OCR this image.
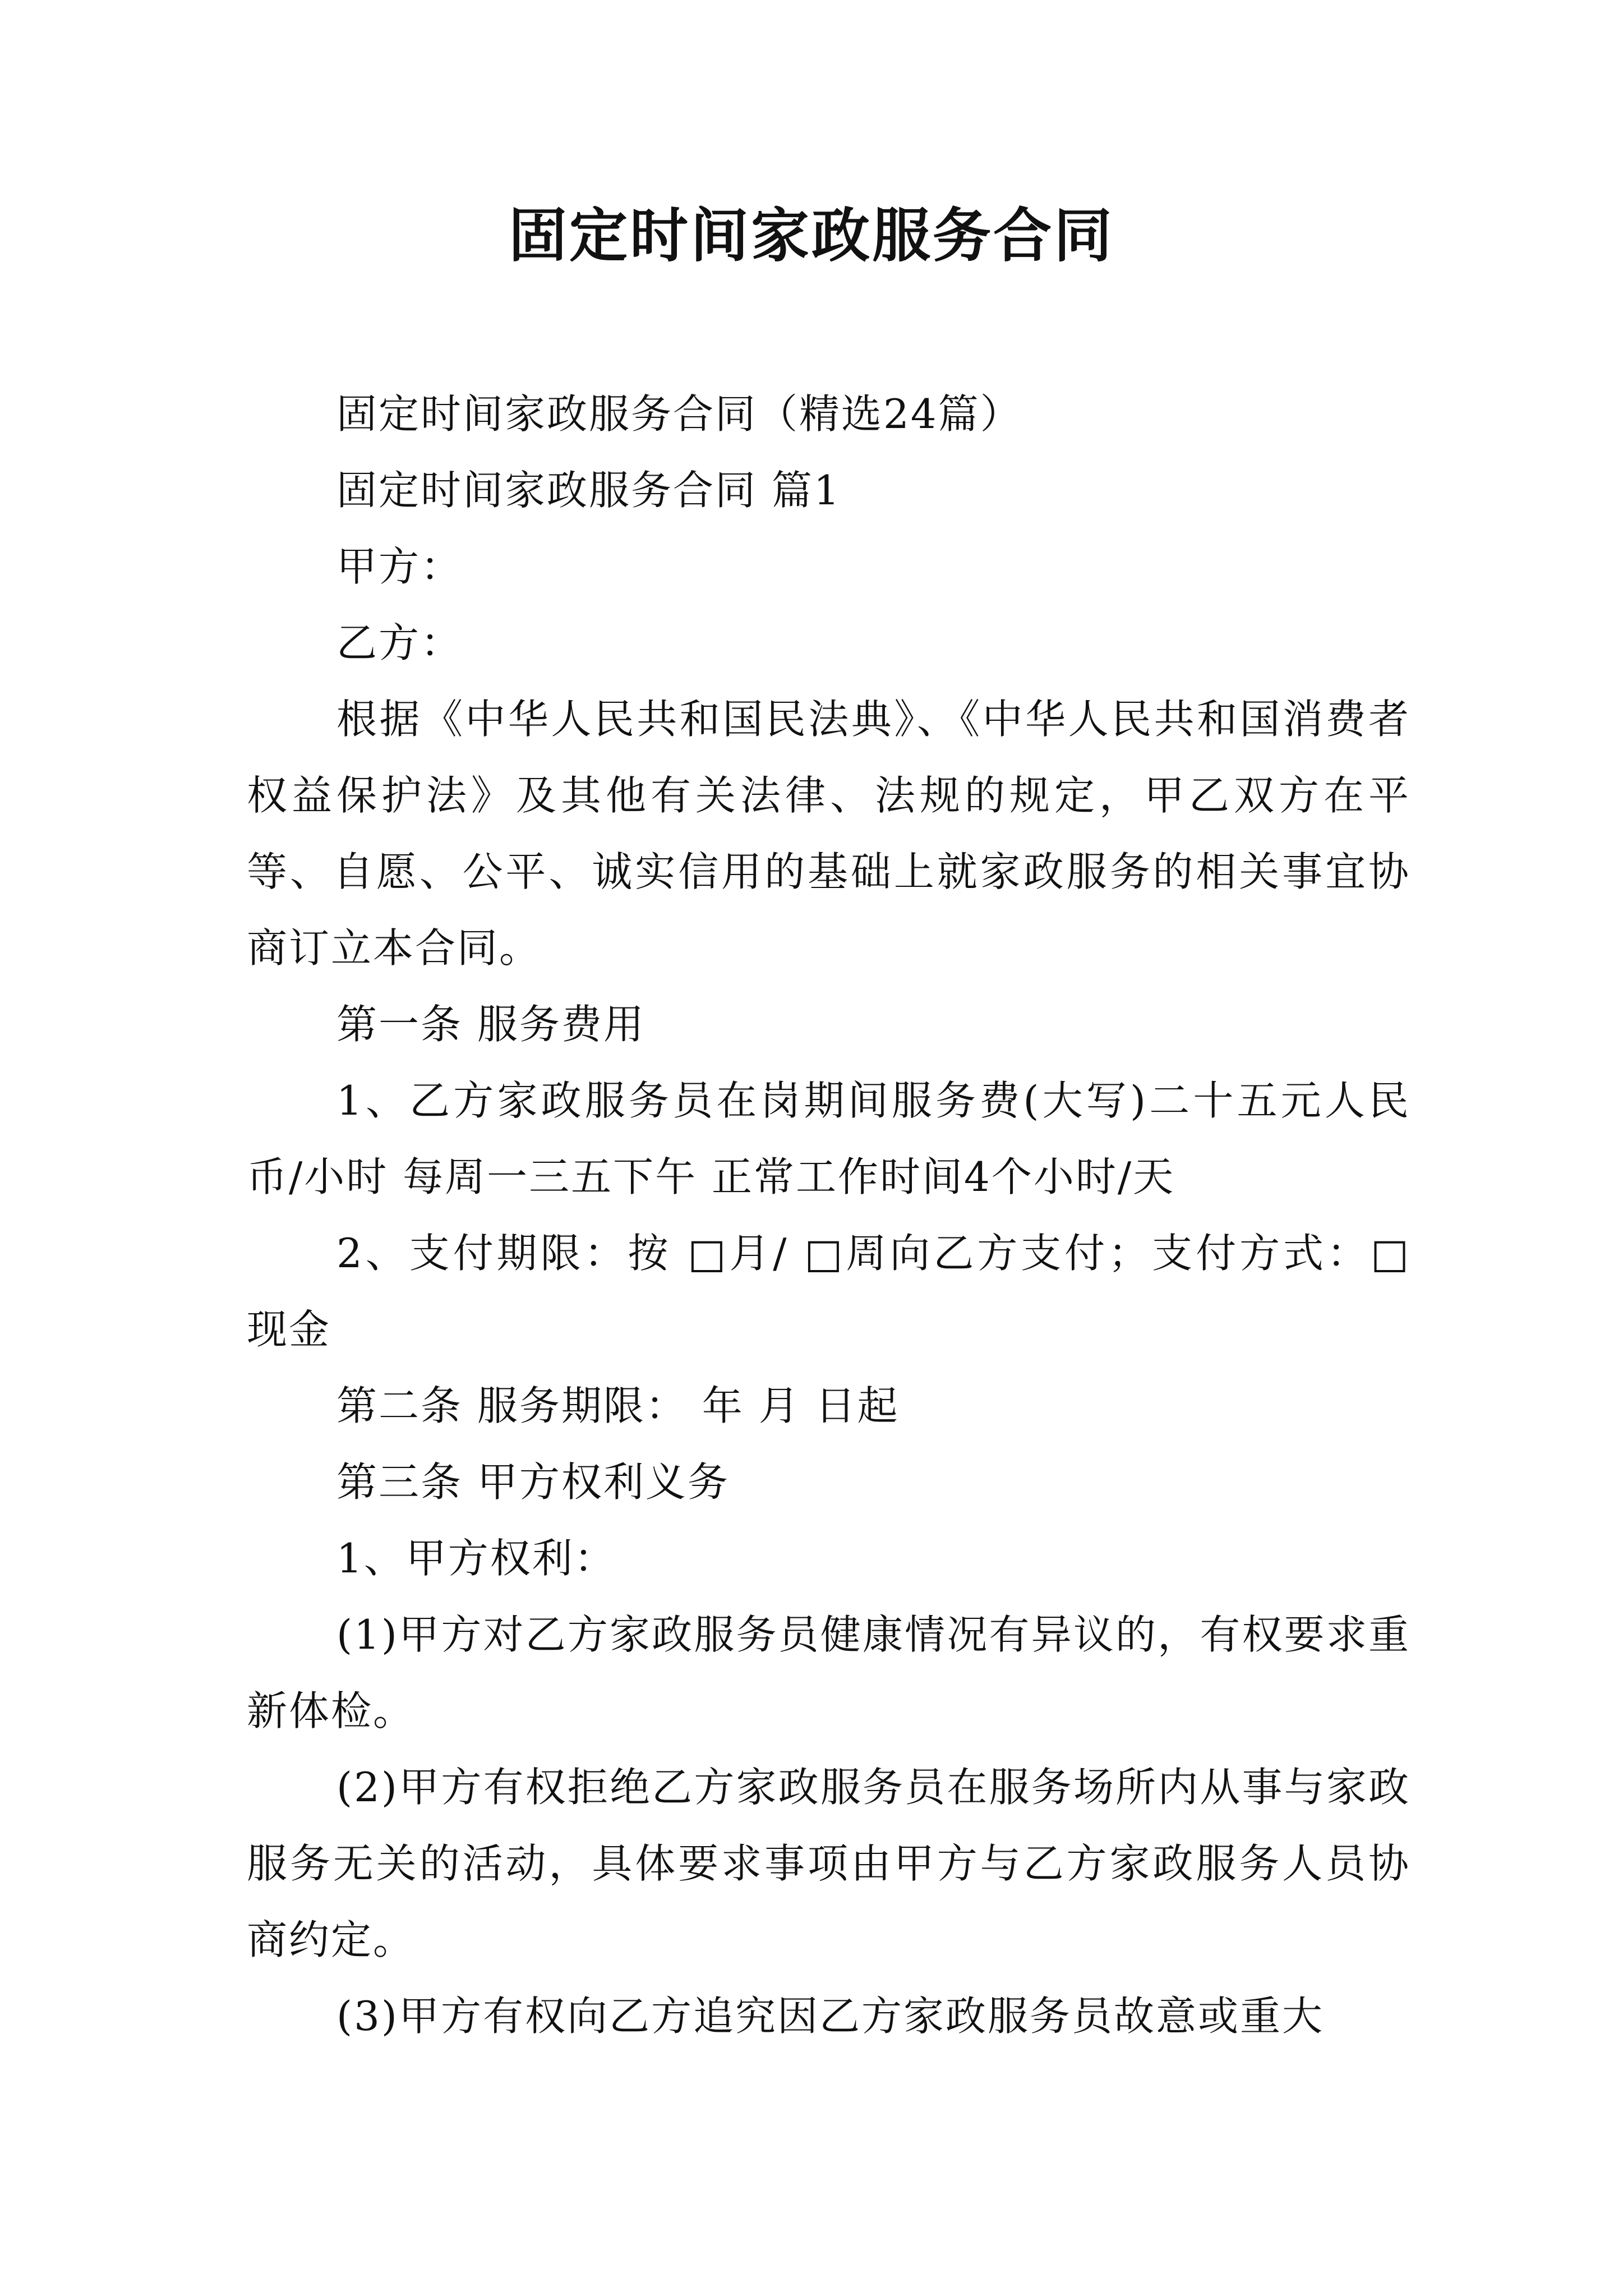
固定时间家政服务合同

固定时间家政服务合同（精选24篇）

固定时间家政服务合同 篇1

甲方：

乙方：

根据《中华人民共和国民法典》、《中华人民共和国消费者权益保护法》及其他有关法律、法规的规定，甲乙双方在平等、自愿、公平、诚实信用的基础上就家政服务的相关事宜协商订立本合同。

第一条 服务费用

1、乙方家政服务员在岗期间服务费(大写)二十五元人民币/小时 每周一三五下午 正常工作时间4个小时/天

2、支付期限：按 □月/ □周向乙方支付；支付方式：□现金

第二条 服务期限： 年 月 日起

第三条 甲方权利义务

1、甲方权利：

(1)甲方对乙方家政服务员健康情况有异议的，有权要求重新体检。

(2)甲方有权拒绝乙方家政服务员在服务场所内从事与家政服务无关的活动，具体要求事项由甲方与乙方家政服务人员协商约定。

(3)甲方有权向乙方追究因乙方家政服务员故意或重大
